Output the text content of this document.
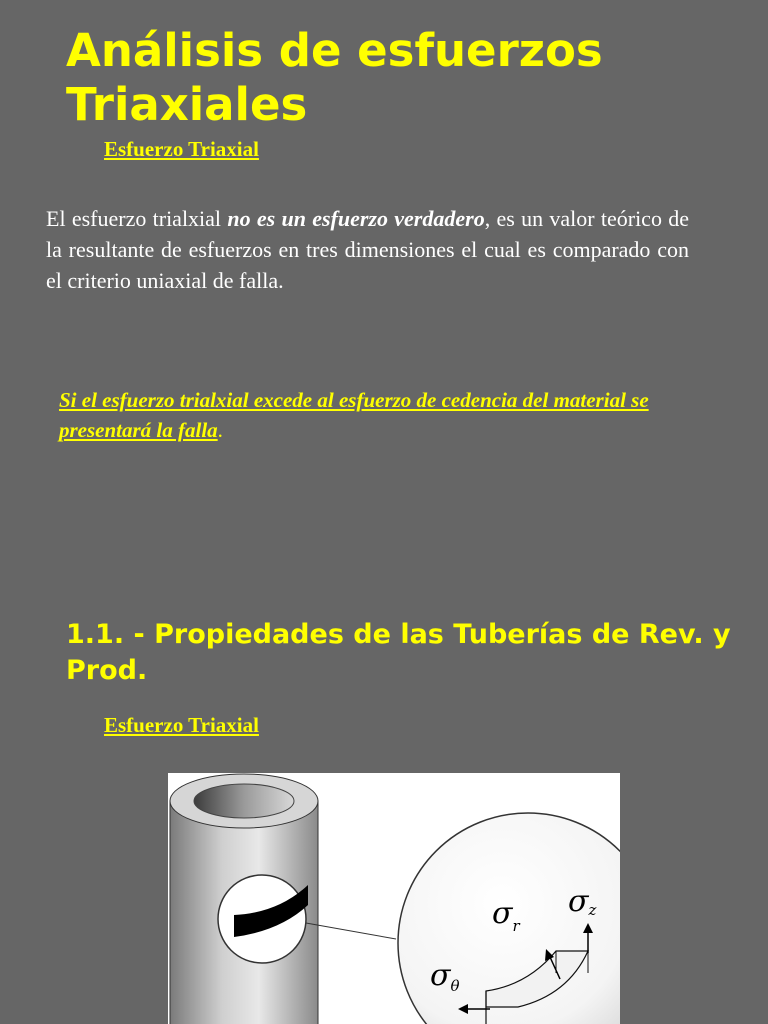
Análisis de esfuerzos Triaxiales

Esfuerzo Triaxial

El esfuerzo trialxial no es un esfuerzo verdadero, es un valor teórico de la resultante de esfuerzos en tres dimensiones el cual es comparado con el criterio uniaxial de falla.

Si el esfuerzo trialxial excede al esfuerzo de cedencia del material se presentará la falla.

1.1. - Propiedades de las Tuberías de Rev. y Prod.

Esfuerzo Triaxial

$\sigma_r$
σz
$\sigma_\theta$
